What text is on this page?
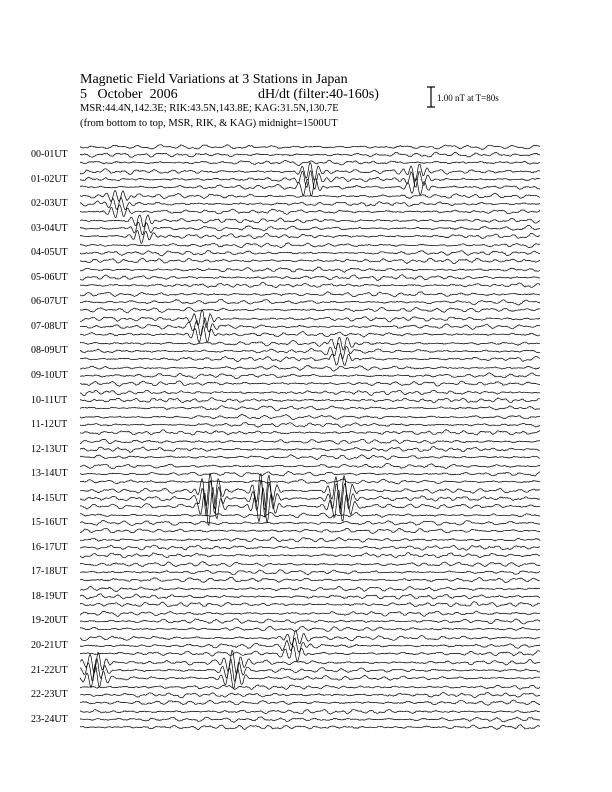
Magnetic Field Variations at 3 Stations in Japan
5   October  2006	dH/dt (filter:40-160s)
MSR:44.4N,142.3E; RIK:43.5N,143.8E; KAG:31.5N,130.7E
(from bottom to top, MSR, RIK, & KAG) midnight=1500UT
1.00 nT at T=80s
00-01UT
01-02UT
02-03UT
03-04UT
04-05UT
05-06UT
06-07UT
07-08UT
08-09UT
09-10UT
10-11UT
11-12UT
12-13UT
13-14UT
14-15UT
15-16UT
16-17UT
17-18UT
18-19UT
19-20UT
20-21UT
21-22UT
22-23UT
23-24UT
